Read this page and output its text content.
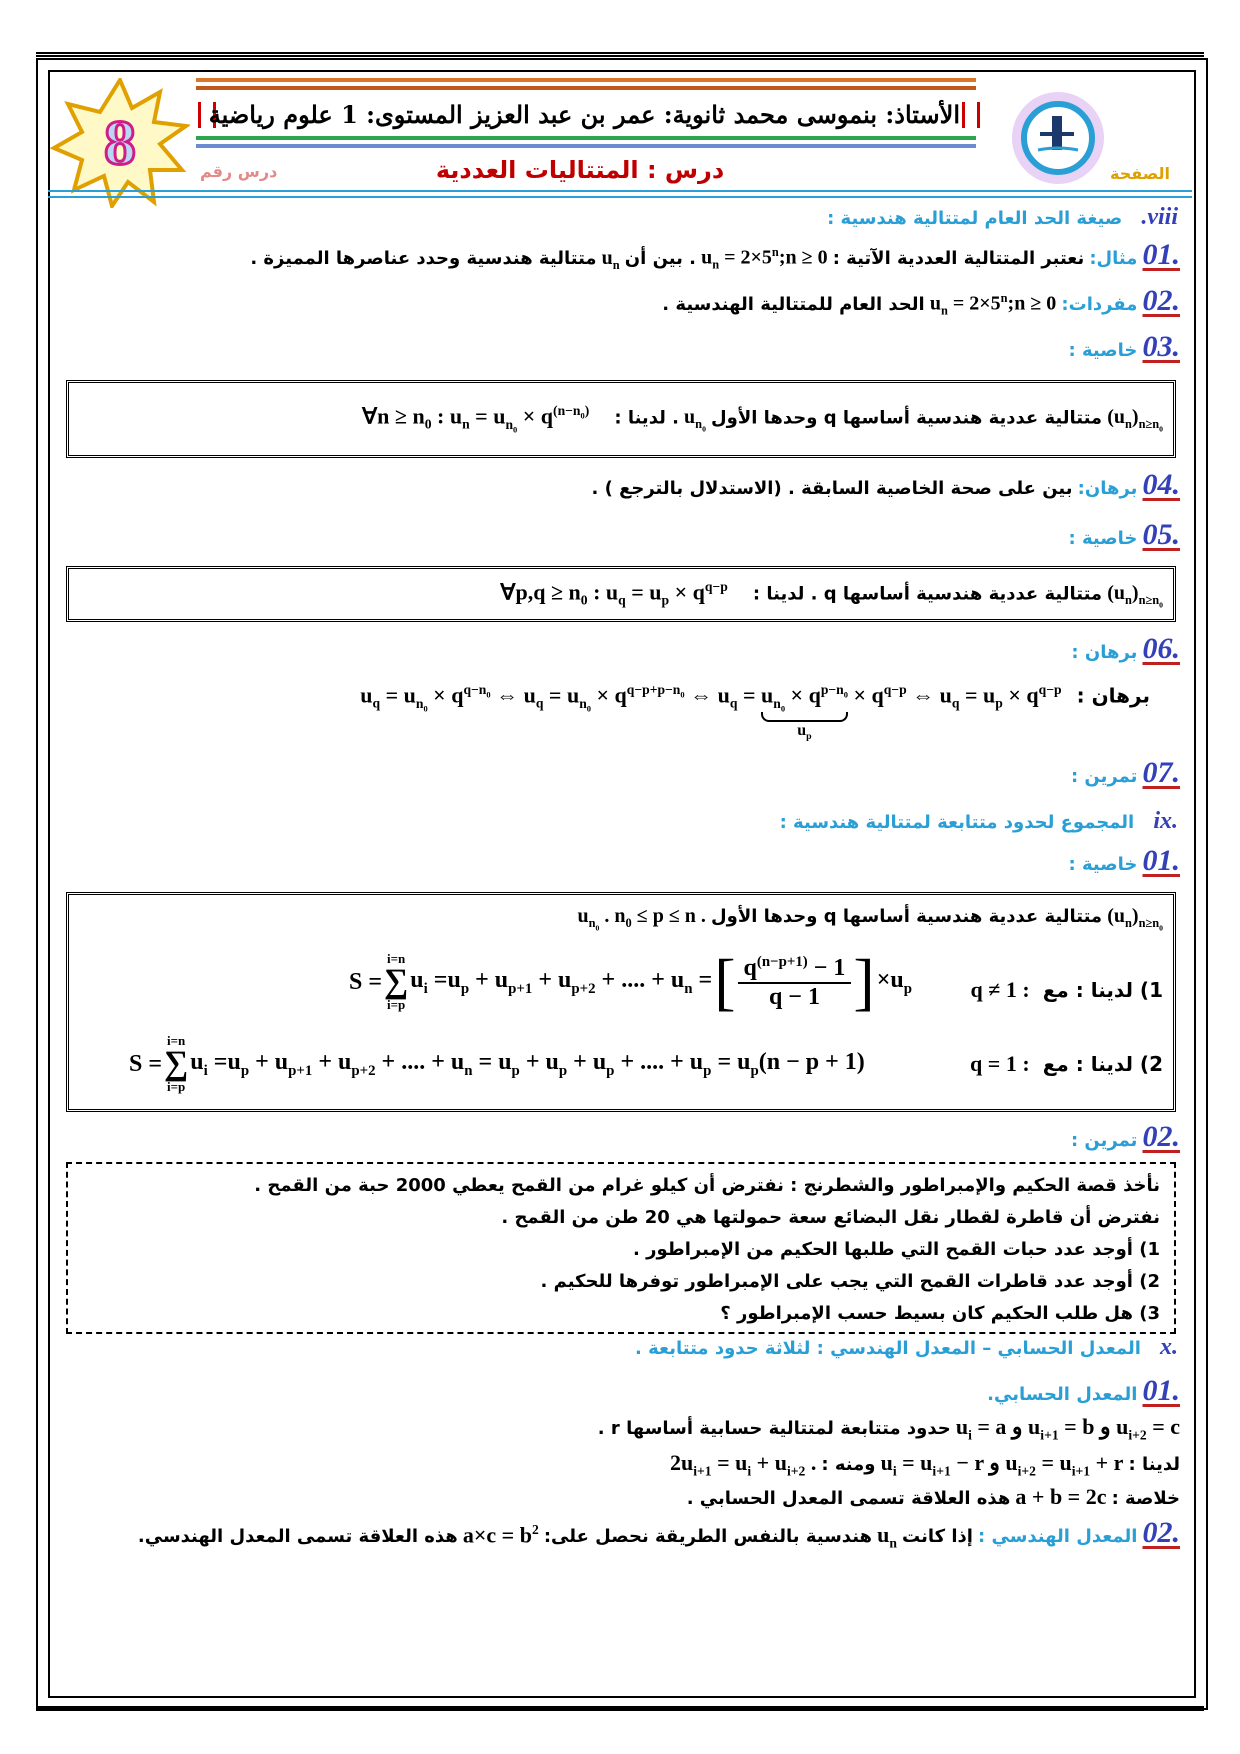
الأستاذ: بنموسى محمد ثانوية: عمر بن عبد العزيز المستوى: 1 علوم رياضية
8	درس : المتتاليات العددية
درس رقم	الصفحة
viii. صيغة الحد العام لمتتالية هندسية :
.01 مثال: نعتبر المتتالية العددية الآتية : $u_n$ = $2\times 5^n;n \ge 0$ . بين أن $u_n$ متتالية هندسية وحدد عناصرها المميزة .
.02 مفردات: $u_n$ = $2\times 5^n;n \ge 0$ الحد العام للمتتالية الهندسية .
.03 خاصية :
$(u_n)_{n\ge n_0}$ متتالية عددية هندسية أساسها q وحدها الأول $u_{n_0}$ . لدينا : ∀n ≥ $n_0$ : $u_n = u_{n_0} \times q^{(n-n_0)}$
.04 برهان: بين على صحة الخاصية السابقة . (الاستدلال بالترجع ) .
.05 خاصية :
$(u_n)_{n\ge n_0}$ متتالية عددية هندسية أساسها q . لدينا : ∀p,q ≥ $n_0$ : $u_q = u_p \times q^{q-p}$
.06 برهان :
برهان : $u_q = u_{n_0} \times q^{q-n_0}$ ⇔ $u_q = u_{n_0} \times q^{q-p+p-n_0}$ ⇔ $u_q = u_{n_0} \times q^{p-n_0}$
$u_p$
× $q^{q-p}$ ⇔ $u_q = u_p \times q^{q-p}$
.07 تمرين :
.ix المجموع لحدود متتابعة لمتتالية هندسية :
.01 خاصية :
$(u_n)_{n\ge n_0}$ متتالية عددية هندسية أساسها q وحدها الأول $u_{n_0}$ . $n_0 \le p \le n$ .
1) لدينا : مع q ≠ 1 :
S =
i=n
∑
i=p
$u_i =u_p + u_{p+1} + u_{p+2}$ + .... + $u_n$ = [ $\frac{q^{(n-p+1)} - 1}{q - 1}$ ] $\times u_p$
2) لدينا : مع q = 1 :
S =
i=n
∑
i=p
$u_i =u_p + u_{p+1} + u_{p+2}$ + .... + $u_n = u_p + u_p + u_p$ + .... + $u_p = u_p(n - p + 1)$
.02 تمرين :
نأخذ قصة الحكيم والإمبراطور والشطرنج : نفترض أن كيلو غرام من القمح يعطي 2000 حبة من القمح .
نفترض أن قاطرة لقطار نقل البضائع سعة حمولتها هي 20 طن من القمح .
1) أوجد عدد حبات القمح التي طلبها الحكيم من الإمبراطور .
2) أوجد عدد قاطرات القمح التي يجب على الإمبراطور توفرها للحكيم .
3) هل طلب الحكيم كان بسيط حسب الإمبراطور ؟
.x المعدل الحسابي – المعدل الهندسي : لثلاثة حدود متتابعة .
.01 المعدل الحسابي.
$u_i = a$ و $u_{i+1} = b$ و $u_{i+2} = c$ حدود متتابعة لمتتالية حسابية أساسها r .
لدينا : $u_i = u_{i+1} - r$ و $u_{i+2} = u_{i+1} + r$ ومنه : $2u_{i+1} = u_i + u_{i+2}$ .
خلاصة : a + b = 2c هذه العلاقة تسمى المعدل الحسابي .
.02 المعدل الهندسي : إذا كانت $u_n$ هندسية بالنفس الطريقة نحصل على: $a\times c = b^2$ هذه العلاقة تسمى المعدل الهندسي.
